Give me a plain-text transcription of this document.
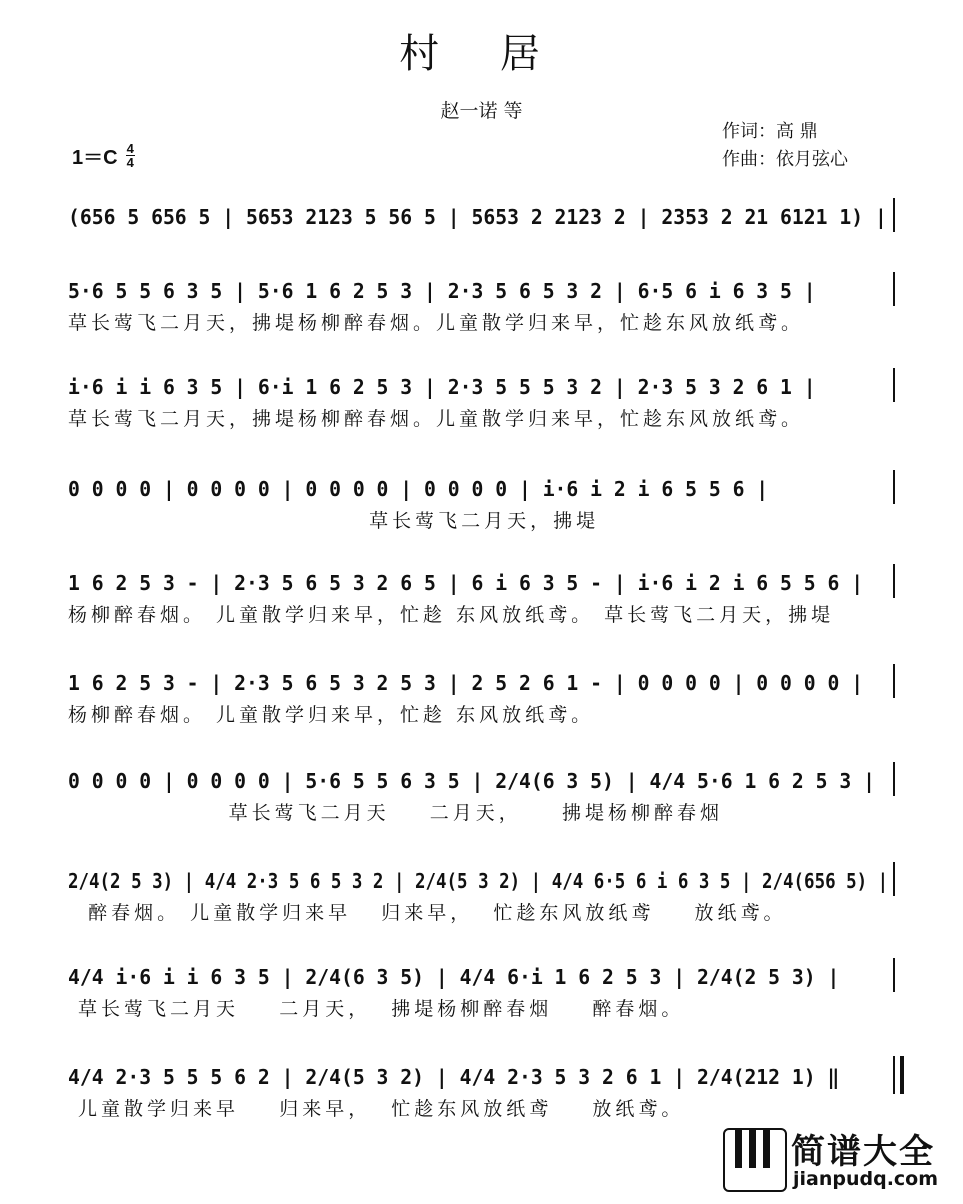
村 居
赵一诺 等
作词：高 鼎
作曲：依月弦心
$1=C \frac{4}{4}$
(656 5 656 5 | 5653 2123 5 56 5 | 5653 2 2123 2 | 2353 2 21 6121 1) |
5·6 5 5 6 3 5 | 5·6 1 6 2 5 3 | 2·3 5 6 5 3 2 | 6·5 6 i 6 3 5 |
草长莺飞二月天，拂堤杨柳醉春烟。儿童散学归来早，忙趁东风放纸鸢。
i·6 i i 6 3 5 | 6·i 1 6 2 5 3 | 2·3 5 5 5 3 2 | 2·3 5 3 2 6 1 |
草长莺飞二月天，拂堤杨柳醉春烟。儿童散学归来早，忙趁东风放纸鸢。
0 0 0 0 | 0 0 0 0 | 0 0 0 0 | 0 0 0 0 | i·6 i 2 i 6 5 5 6 |
草长莺飞二月天，拂堤
1 6 2 5 3 - | 2·3 5 6 5 3 2 6 5 | 6 i 6 3 5 - | i·6 i 2 i 6 5 5 6 |
杨柳醉春烟。 儿童散学归来早，忙趁 东风放纸鸢。 草长莺飞二月天，拂堤
1 6 2 5 3 - | 2·3 5 6 5 3 2 5 3 | 2 5 2 6 1 - | 0 0 0 0 | 0 0 0 0 |
杨柳醉春烟。 儿童散学归来早，忙趁 东风放纸鸢。
0 0 0 0 | 0 0 0 0 | 5·6 5 5 6 3 5 | 2/4(6 3 5) | 4/4 5·6 1 6 2 5 3 |
草长莺飞二月天    二月天，    拂堤杨柳醉春烟
2/4(2 5 3) | 4/4 2·3 5 6 5 3 2 | 2/4(5 3 2) | 4/4 6·5 6 i 6 3 5 | 2/4(656 5) |
醉春烟。 儿童散学归来早   归来早，  忙趁东风放纸鸢    放纸鸢。
4/4 i·6 i i 6 3 5 | 2/4(6 3 5) | 4/4 6·i 1 6 2 5 3 | 2/4(2 5 3) |
草长莺飞二月天    二月天，  拂堤杨柳醉春烟    醉春烟。
4/4 2·3 5 5 5 6 2 | 2/4(5 3 2) | 4/4 2·3 5 3 2 6 1 | 2/4(212 1) ‖
儿童散学归来早    归来早，  忙趁东风放纸鸢    放纸鸢。
简谱大全
jianpudq.com
